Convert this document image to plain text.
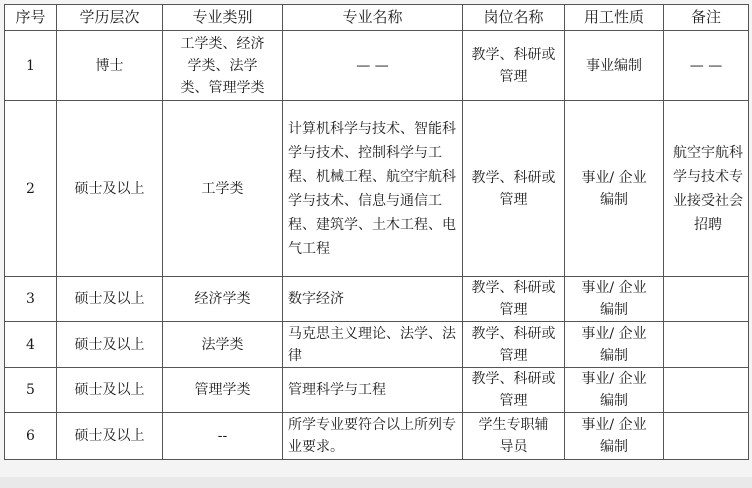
序号	学历层次	专业类别	专业名称	岗位名称	用工性质	备注
1	博士	工学类、经济学类、法学类、管理学类	— —	教学、科研或管理	事业编制	— —
2	硕士及以上	工学类	计算机科学与技术、智能科学与技术、控制科学与工程、机械工程、航空宇航科学与技术、信息与通信工程、建筑学、土木工程、电气工程	教学、科研或管理	事业/ 企业编制	航空宇航科学与技术专业接受社会招聘
3	硕士及以上	经济学类	数字经济	教学、科研或管理	事业/ 企业编制	
4	硕士及以上	法学类	马克思主义理论、法学、法律	教学、科研或管理	事业/ 企业编制	
5	硕士及以上	管理学类	管理科学与工程	教学、科研或管理	事业/ 企业编制	
6	硕士及以上	--	所学专业要符合以上所列专业要求。	学生专职辅导员	事业/ 企业编制	
